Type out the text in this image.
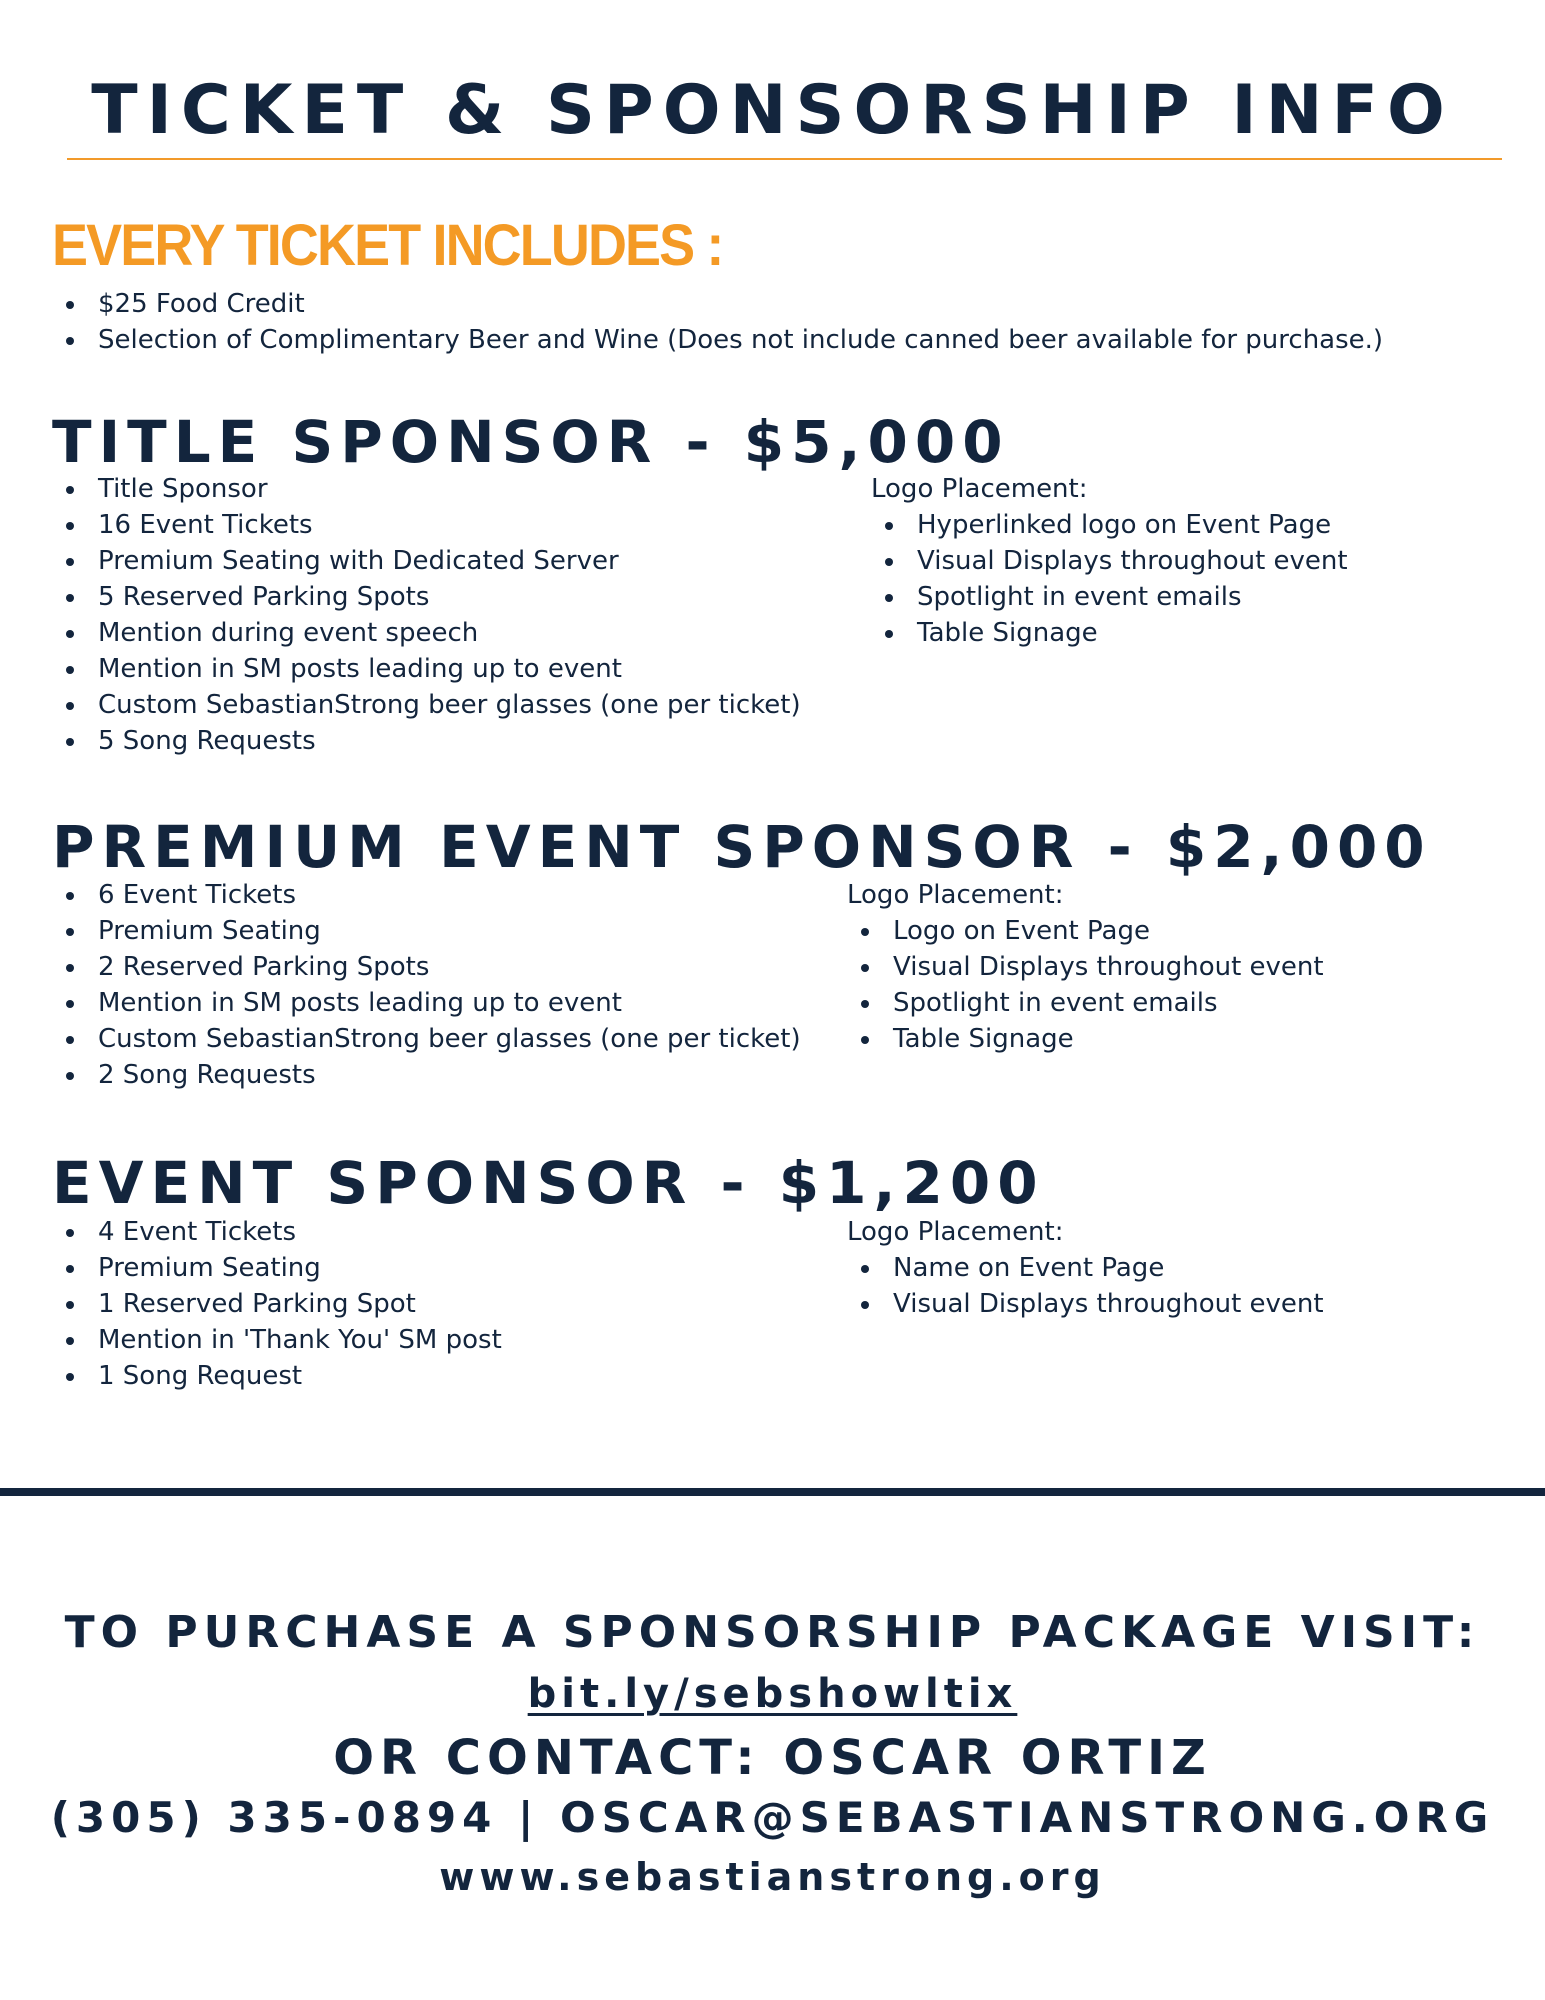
TICKET & SPONSORSHIP INFO
EVERY TICKET INCLUDES :
$25 Food Credit
Selection of Complimentary Beer and Wine (Does not include canned beer available for purchase.)
TITLE SPONSOR - $5,000
Title Sponsor
16 Event Tickets
Premium Seating with Dedicated Server
5 Reserved Parking Spots
Mention during event speech
Mention in SM posts leading up to event
Custom SebastianStrong beer glasses (one per ticket)
5 Song Requests
Logo Placement:
Hyperlinked logo on Event Page
Visual Displays throughout event
Spotlight in event emails
Table Signage
PREMIUM EVENT SPONSOR - $2,000
6 Event Tickets
Premium Seating
2 Reserved Parking Spots
Mention in SM posts leading up to event
Custom SebastianStrong beer glasses (one per ticket)
2 Song Requests
Logo Placement:
Logo on Event Page
Visual Displays throughout event
Spotlight in event emails
Table Signage
EVENT SPONSOR - $1,200
4 Event Tickets
Premium Seating
1 Reserved Parking Spot
Mention in 'Thank You' SM post
1 Song Request
Logo Placement:
Name on Event Page
Visual Displays throughout event
TO PURCHASE A SPONSORSHIP PACKAGE VISIT:
bit.ly/sebshowltix
OR CONTACT: OSCAR ORTIZ
(305) 335-0894 | OSCAR@SEBASTIANSTRONG.ORG
www.sebastianstrong.org
